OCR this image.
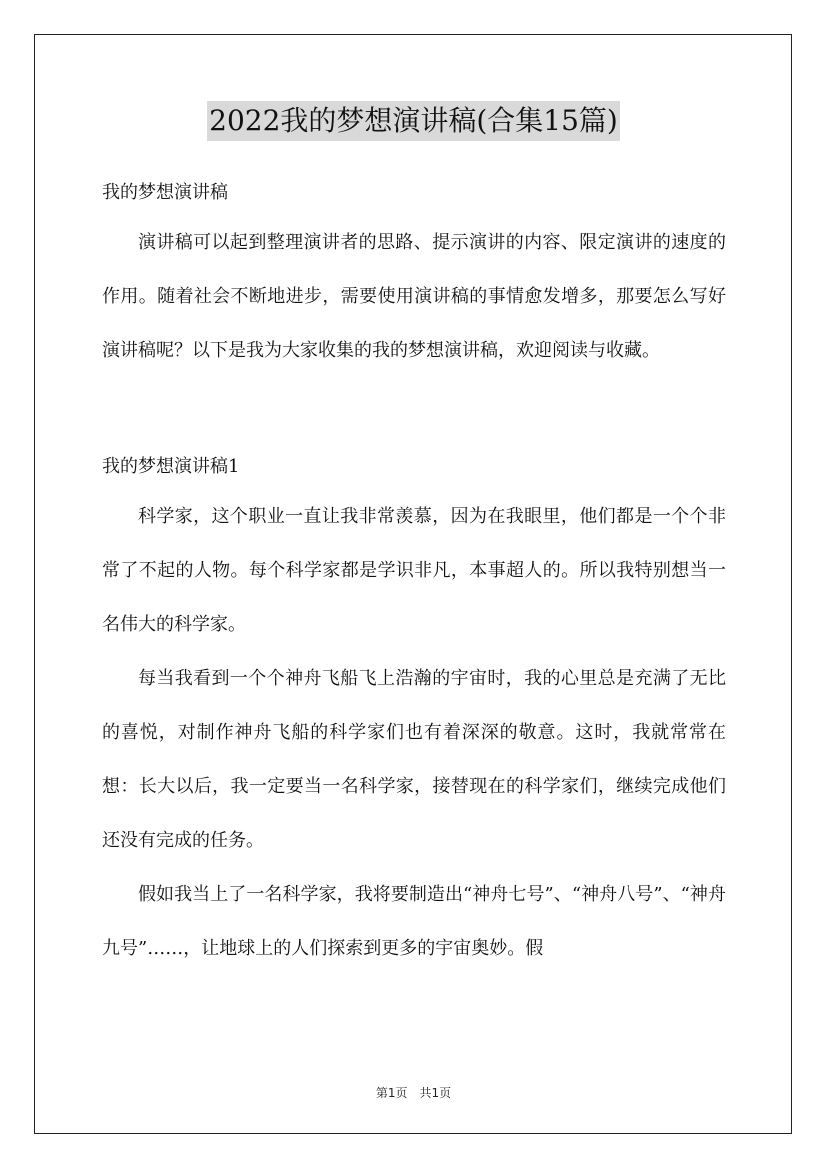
2022我的梦想演讲稿(合集15篇)

我的梦想演讲稿

演讲稿可以起到整理演讲者的思路、提示演讲的内容、限定演讲的速度的作用。随着社会不断地进步，需要使用演讲稿的事情愈发增多，那要怎么写好演讲稿呢？以下是我为大家收集的我的梦想演讲稿，欢迎阅读与收藏。

我的梦想演讲稿1

科学家，这个职业一直让我非常羡慕，因为在我眼里，他们都是一个个非常了不起的人物。每个科学家都是学识非凡，本事超人的。所以我特别想当一名伟大的科学家。

每当我看到一个个神舟飞船飞上浩瀚的宇宙时，我的心里总是充满了无比的喜悦，对制作神舟飞船的科学家们也有着深深的敬意。这时，我就常常在想：长大以后，我一定要当一名科学家，接替现在的科学家们，继续完成他们还没有完成的任务。

假如我当上了一名科学家，我将要制造出“神舟七号”、“神舟八号”、“神舟九号”……，让地球上的人们探索到更多的宇宙奥妙。假

第1页　共1页
